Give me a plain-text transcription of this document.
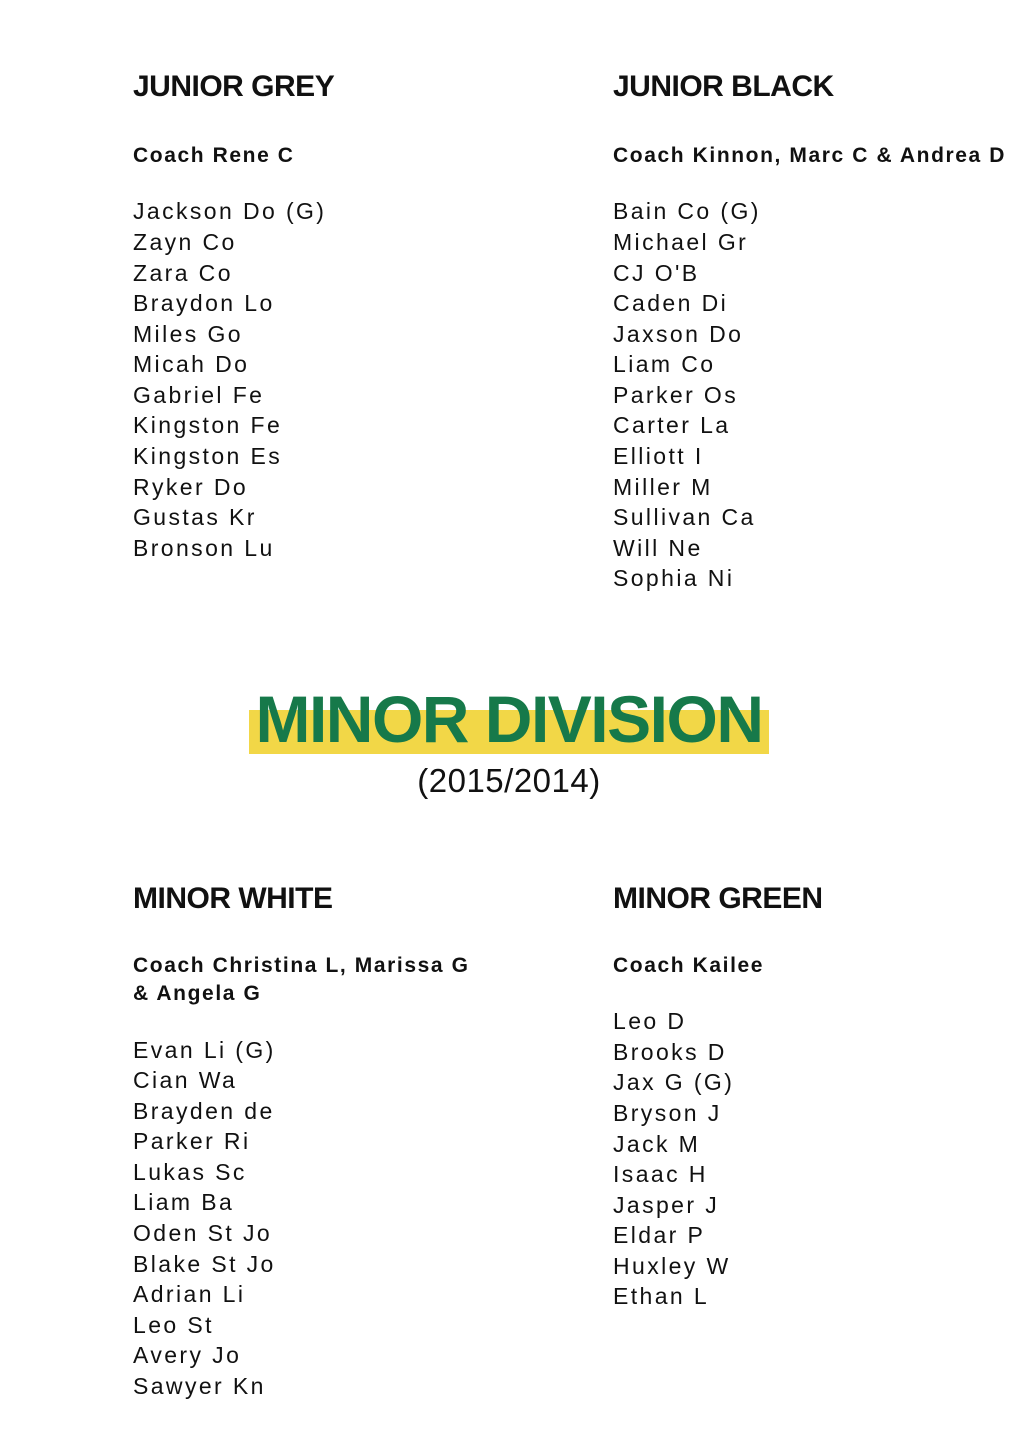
JUNIOR GREY
Coach Rene C
Jackson Do (G)
Zayn Co
Zara Co
Braydon Lo
Miles Go
Micah Do
Gabriel Fe
Kingston Fe
Kingston Es
Ryker Do
Gustas Kr
Bronson Lu
JUNIOR BLACK
Coach Kinnon, Marc C & Andrea D
Bain Co (G)
Michael Gr
CJ O'B
Caden Di
Jaxson Do
Liam Co
Parker Os
Carter La
Elliott I
Miller M
Sullivan Ca
Will Ne
Sophia Ni
MINOR DIVISION
(2015/2014)
MINOR WHITE
Coach Christina L, Marissa G & Angela G
Evan Li (G)
Cian Wa
Brayden de
Parker Ri
Lukas Sc
Liam Ba
Oden St Jo
Blake St Jo
Adrian Li
Leo St
Avery Jo
Sawyer Kn
MINOR GREEN
Coach Kailee
Leo D
Brooks D
Jax G (G)
Bryson J
Jack M
Isaac H
Jasper J
Eldar P
Huxley W
Ethan L
